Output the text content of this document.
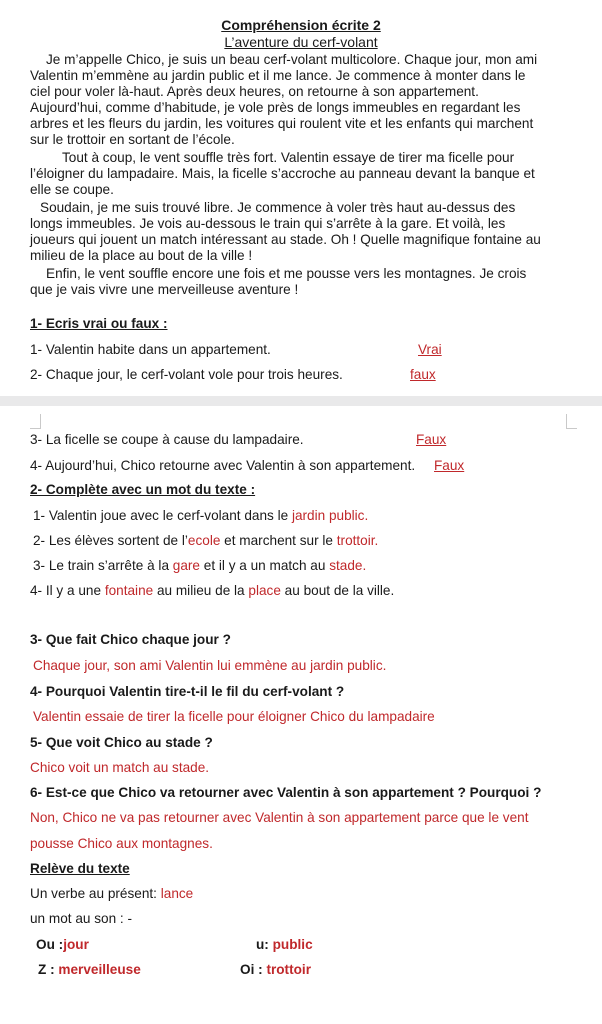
Compréhension écrite 2
L’aventure du cerf-volant
Je m’appelle Chico, je suis un beau cerf-volant multicolore. Chaque jour, mon ami
Valentin m’emmène au jardin public et il me lance. Je commence à monter dans le
ciel pour voler là-haut. Après deux heures, on retourne à son appartement.
Aujourd’hui, comme d’habitude, je vole près de longs immeubles en regardant les
arbres et les fleurs du jardin, les voitures qui roulent vite et les enfants qui marchent
sur le trottoir en sortant de l’école.
Tout à coup, le vent souffle très fort. Valentin essaye de tirer ma ficelle pour
l’éloigner du lampadaire. Mais, la ficelle s’accroche au panneau devant la banque et
elle se coupe.
Soudain, je me suis trouvé libre. Je commence à voler très haut au-dessus des
longs immeubles. Je vois au-dessous le train qui s’arrête à la gare. Et voilà, les
joueurs qui jouent un match intéressant au stade. Oh ! Quelle magnifique fontaine au
milieu de la place au bout de la ville !
Enfin, le vent souffle encore une fois et me pousse vers les montagnes. Je crois
que je vais vivre une merveilleuse aventure !
1- Ecris vrai ou faux :
1- Valentin habite dans un appartement.	Vrai
2- Chaque jour, le cerf-volant vole pour trois heures.	faux
3- La ficelle se coupe à cause du lampadaire.	Faux
4- Aujourd’hui, Chico retourne avec Valentin à son appartement. Faux
2- Complète avec un mot du texte :
1- Valentin joue avec le cerf-volant dans le jardin public.
2- Les élèves sortent de l’ecole et marchent sur le trottoir.
3- Le train s’arrête à la gare et il y a un match au stade.
4- Il y a une fontaine au milieu de la place au bout de la ville.
3- Que fait Chico chaque jour ?
Chaque jour, son ami Valentin lui emmène au jardin public.
4- Pourquoi Valentin tire-t-il le fil du cerf-volant ?
Valentin essaie de tirer la ficelle pour éloigner Chico du lampadaire
5- Que voit Chico au stade ?
Chico voit un match au stade.
6- Est-ce que Chico va retourner avec Valentin à son appartement ? Pourquoi ?
Non, Chico ne va pas retourner avec Valentin à son appartement parce que le vent
pousse Chico aux montagnes.
Relève du texte
Un verbe au présent: lance
un mot au son : -
Ou :jour	u: public
Z : merveilleuse	Oi : trottoir
